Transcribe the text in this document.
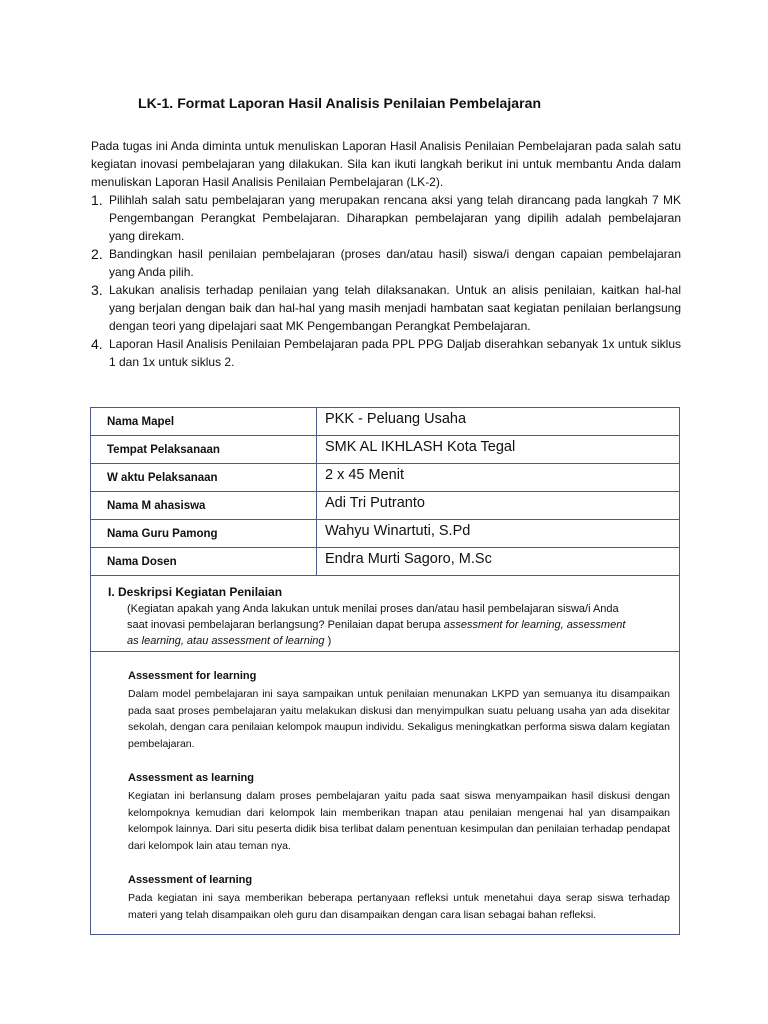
LK-1. Format Laporan Hasil Analisis Penilaian Pembelajaran
Pada tugas ini Anda diminta untuk menuliskan Laporan Hasil Analisis Penilaian Pembelajaran pada salah satu kegiatan inovasi pembelajaran yang dilakukan. Sila kan ikuti langkah berikut ini untuk membantu Anda dalam menuliskan Laporan Hasil Analisis Penilaian Pembelajaran (LK-2).
1. Pilihlah salah satu pembelajaran yang merupakan rencana aksi yang telah dirancang pada langkah 7 MK Pengembangan Perangkat Pembelajaran. Diharapkan pembelajaran yang dipilih adalah pembelajaran yang direkam.
2. Bandingkan hasil penilaian pembelajaran (proses dan/atau hasil) siswa/i dengan capaian pembelajaran yang Anda pilih.
3. Lakukan analisis terhadap penilaian yang telah dilaksanakan. Untuk an alisis penilaian, kaitkan hal-hal yang berjalan dengan baik dan hal-hal yang masih menjadi hambatan saat kegiatan penilaian berlangsung dengan teori yang dipelajari saat MK Pengembangan Perangkat Pembelajaran.
4. Laporan Hasil Analisis Penilaian Pembelajaran pada PPL PPG Daljab diserahkan sebanyak 1x untuk siklus 1 dan 1x untuk siklus 2.
Nama Mapel	PKK - Peluang Usaha
Tempat Pelaksanaan	SMK AL IKHLASH Kota Tegal
W aktu Pelaksanaan	2 x 45 Menit
Nama M ahasiswa	Adi Tri Putranto
Nama Guru Pamong	Wahyu Winartuti, S.Pd
Nama Dosen	Endra Murti Sagoro, M.Sc
I. Deskripsi Kegiatan Penilaian
(Kegiatan apakah yang Anda lakukan untuk menilai proses dan/atau hasil pembelajaran siswa/i Anda saat inovasi pembelajaran berlangsung? Penilaian dapat berupa assessment for learning, assessment as learning, atau assessment of learning )
Assessment for learning
Dalam model pembelajaran ini saya sampaikan untuk penilaian menunakan LKPD yan semuanya itu disampaikan pada saat proses pembelajaran yaitu melakukan diskusi dan menyimpulkan suatu peluang usaha yan ada disekitar sekolah, dengan cara penilaian kelompok maupun individu. Sekaligus meningkatkan performa siswa dalam kegiatan pembelajaran.
Assessment as learning
Kegiatan ini berlansung dalam proses pembelajaran yaitu pada saat siswa menyampaikan hasil diskusi dengan kelompoknya kemudian dari kelompok lain memberikan tnapan atau penilaian mengenai hal yan disampaikan kelompok lainnya. Dari situ peserta didik bisa terlibat dalam penentuan kesimpulan dan penilaian terhadap pendapat dari kelompok lain atau teman nya.
Assessment of learning
Pada kegiatan ini saya memberikan beberapa pertanyaan refleksi untuk menetahui daya serap siswa terhadap materi yang telah disampaikan oleh guru dan disampaikan dengan cara lisan sebagai bahan refleksi.
